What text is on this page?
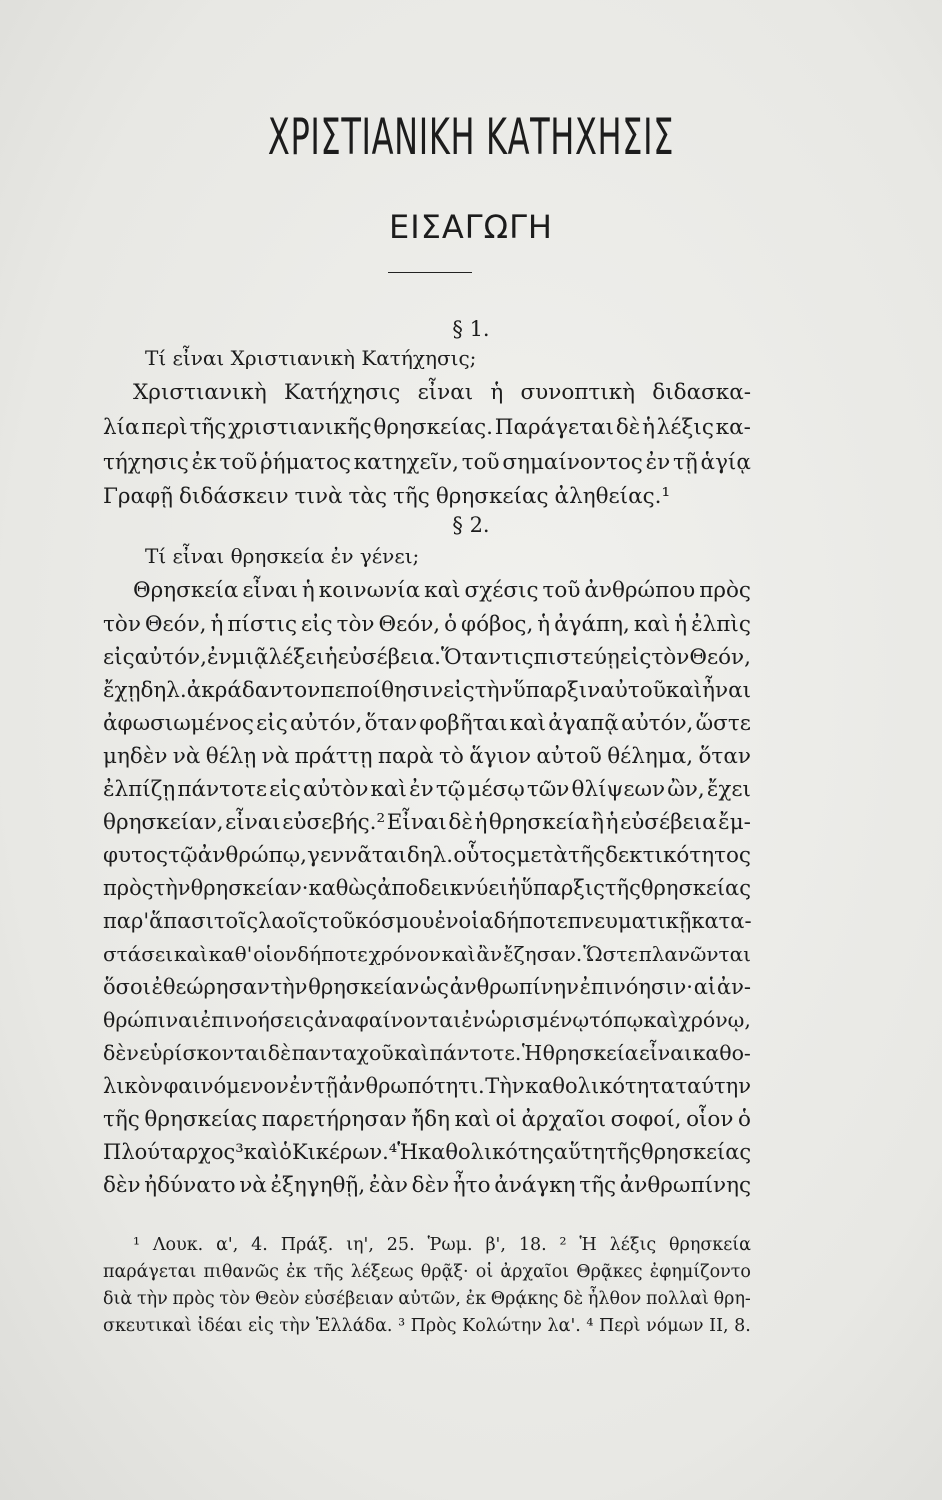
ΧΡΙΣΤΙΑΝΙΚΗ ΚΑΤΗΧΗΣΙΣ
ΕΙΣΑΓΩΓΗ
§ 1.
Τί εἶναι Χριστιανικὴ Κατήχησις;
Χριστιανικὴ Κατήχησις εἶναι ἡ συνοπτικὴ διδασκα-
λία περὶ τῆς χριστιανικῆς θρησκείας. Παράγεται δὲ ἡ λέξις κα-
τήχησις ἐκ τοῦ ῥήματος κατηχεῖν, τοῦ σημαίνοντος ἐν τῇ ἁγίᾳ
Γραφῇ διδάσκειν τινὰ τὰς τῆς θρησκείας ἀληθείας.¹
§ 2.
Τί εἶναι θρησκεία ἐν γένει;
Θρησκεία εἶναι ἡ κοινωνία καὶ σχέσις τοῦ ἀνθρώπου πρὸς
τὸν Θεόν, ἡ πίστις εἰς τὸν Θεόν, ὁ φόβος, ἡ ἀγάπη, καὶ ἡ ἐλπὶς
εἰς αὐτόν, ἐν μιᾷ λέξει ἡ εὐσέβεια. Ὅταν τις πιστεύῃ εἰς τὸν Θεόν,
ἔχῃ δηλ. ἀκράδαντον πεποίθησιν εἰς τὴν ὕπαρξιν αὐτοῦ καὶ ἦναι
ἀφωσιωμένος εἰς αὐτόν, ὅταν φοβῆται καὶ ἀγαπᾷ αὐτόν, ὥστε
μηδὲν νὰ θέλῃ νὰ πράττῃ παρὰ τὸ ἅγιον αὐτοῦ θέλημα, ὅταν
ἐλπίζῃ πάντοτε εἰς αὐτὸν καὶ ἐν τῷ μέσῳ τῶν θλίψεων ὢν, ἔχει
θρησκείαν, εἶναι εὐσεβής.² Εἶναι δὲ ἡ θρησκεία ἢ ἡ εὐσέβεια ἔμ-
φυτος τῷ ἀνθρώπῳ, γεννᾶται δηλ. οὗτος μετὰ τῆς δεκτικότητος
πρὸς τὴν θρησκείαν· καθὼς ἀποδεικνύει ἡ ὕπαρξις τῆς θρησκείας
παρ' ἅπασι τοῖς λαοῖς τοῦ κόσμου ἐν οἱαδήποτε πνευματικῇ κατα-
στάσει καὶ καθ' οἱονδήποτε χρόνον καὶ ἂν ἔζησαν. Ὥστε πλανῶνται
ὅσοι ἐθεώρησαν τὴν θρησκείαν ὡς ἀνθρωπίνην ἐπινόησιν· αἱ ἀν-
θρώπιναι ἐπινοήσεις ἀναφαίνονται ἐν ὡρισμένῳ τόπῳ καὶ χρόνῳ,
δὲν εὑρίσκονται δὲ πανταχοῦ καὶ πάντοτε. Ἡ θρησκεία εἶναι καθο-
λικὸν φαινόμενον ἐν τῇ ἀνθρωπότητι. Τὴν καθολικότητα ταύτην
τῆς θρησκείας παρετήρησαν ἤδη καὶ οἱ ἀρχαῖοι σοφοί, οἷον ὁ
Πλούταρχος³ καὶ ὁ Κικέρων.⁴ Ἡ καθολικότης αὕτη τῆς θρησκείας
δὲν ἠδύνατο νὰ ἐξηγηθῇ, ἐὰν δὲν ἦτο ἀνάγκη τῆς ἀνθρωπίνης
¹ Λουκ. α', 4. Πράξ. ιη', 25. Ῥωμ. β', 18. ² Ἡ λέξις θρησκεία
παράγεται πιθανῶς ἐκ τῆς λέξεως θρᾷξ· οἱ ἀρχαῖοι Θρᾷκες ἐφημίζοντο
διὰ τὴν πρὸς τὸν Θεὸν εὐσέβειαν αὐτῶν, ἐκ Θρᾴκης δὲ ἦλθον πολλαὶ θρη-
σκευτικαὶ ἰδέαι εἰς τὴν Ἑλλάδα. ³ Πρὸς Κολώτην λα'. ⁴ Περὶ νόμων ΙΙ, 8.
